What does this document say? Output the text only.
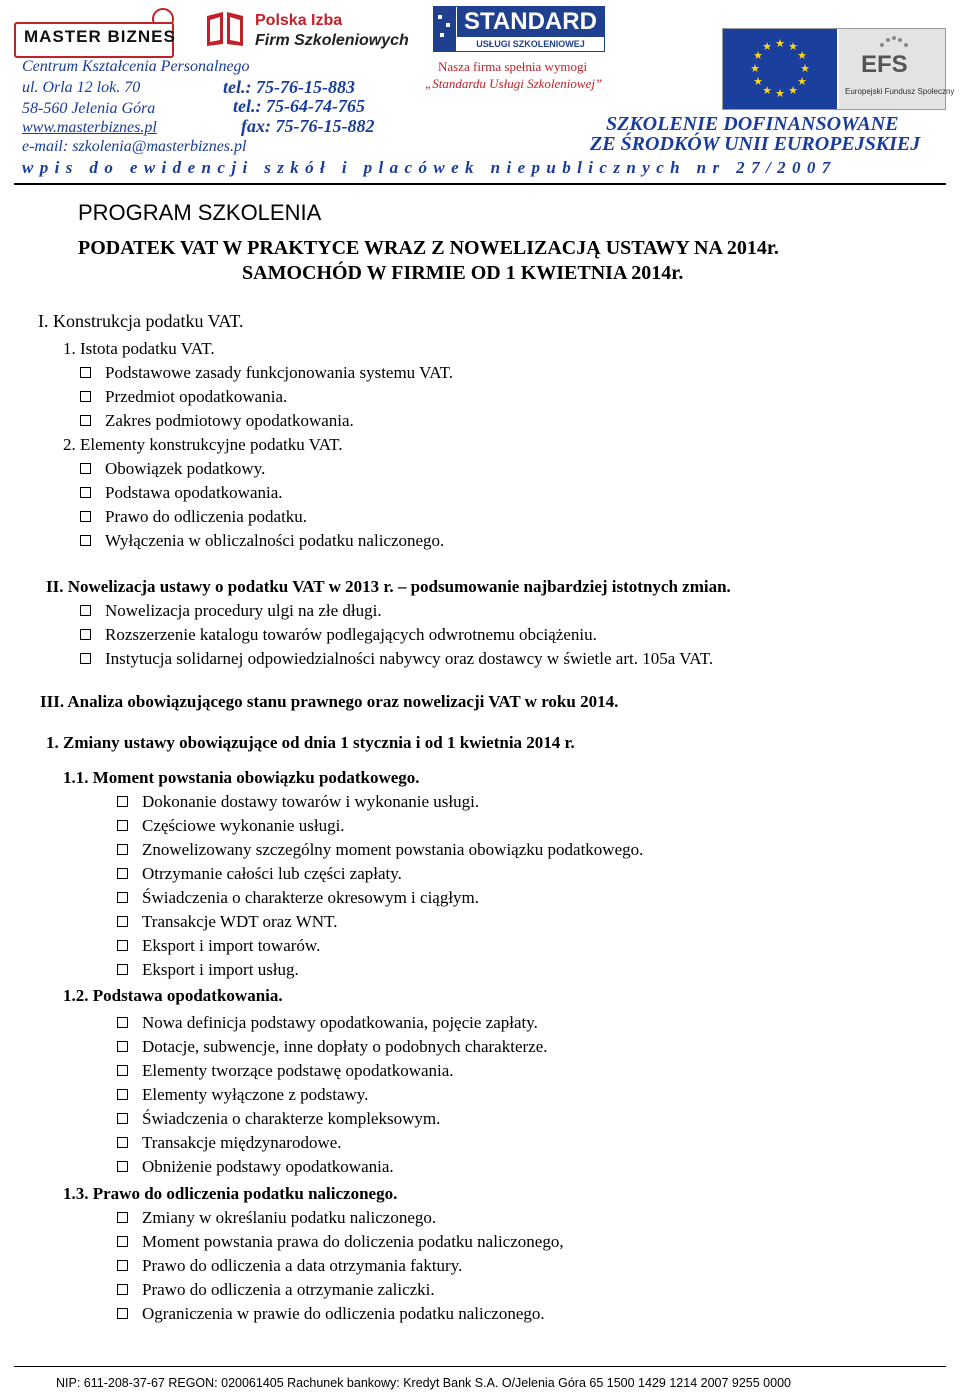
MASTER BIZNES
Polska Izba
Firm Szkoleniowych
STANDARD
USŁUGI SZKOLENIOWEJ	★ ★
★
★
★
★
★
★
★
★
★
★
EFS
Europejski Fundusz Społeczny
Centrum Kształcenia Personalnego
ul. Orla 12 lok. 70
58-560 Jelenia Góra
www.masterbiznes.pl
e-mail: szkolenia@masterbiznes.pl
tel.: 75-76-15-883
tel.: 75-64-74-765
fax: 75-76-15-882
Nasza firma spełnia wymogi
„Standardu Usługi Szkoleniowej”
SZKOLENIE DOFINANSOWANE
ZE ŚRODKÓW UNII EUROPEJSKIEJ
wpis do ewidencji szkół i placówek niepublicznych nr 27/2007
PROGRAM SZKOLENIA
PODATEK VAT W PRAKTYCE WRAZ Z NOWELIZACJĄ USTAWY NA 2014r.
SAMOCHÓD W FIRMIE OD 1 KWIETNIA 2014r.
I. Konstrukcja podatku VAT.
1. Istota podatku VAT.
Podstawowe zasady funkcjonowania systemu VAT.
Przedmiot opodatkowania.
Zakres podmiotowy opodatkowania.
2. Elementy konstrukcyjne podatku VAT.
Obowiązek podatkowy.
Podstawa opodatkowania.
Prawo do odliczenia podatku.
Wyłączenia w obliczalności podatku naliczonego.
II. Nowelizacja ustawy o podatku VAT w 2013 r. – podsumowanie najbardziej istotnych zmian.
Nowelizacja procedury ulgi na złe długi.
Rozszerzenie katalogu towarów podlegających odwrotnemu obciążeniu.
Instytucja solidarnej odpowiedzialności nabywcy oraz dostawcy w świetle art. 105a VAT.
III. Analiza obowiązującego stanu prawnego oraz nowelizacji VAT w roku 2014.
1. Zmiany ustawy obowiązujące od dnia 1 stycznia i od 1 kwietnia 2014 r.
1.1. Moment powstania obowiązku podatkowego.
Dokonanie dostawy towarów i wykonanie usługi.
Częściowe wykonanie usługi.
Znowelizowany szczególny moment powstania obowiązku podatkowego.
Otrzymanie całości lub części zapłaty.
Świadczenia o charakterze okresowym i ciągłym.
Transakcje WDT oraz WNT.
Eksport i import towarów.
Eksport i import usług.
1.2. Podstawa opodatkowania.
Nowa definicja podstawy opodatkowania, pojęcie zapłaty.
Dotacje, subwencje, inne dopłaty o podobnych charakterze.
Elementy tworzące podstawę opodatkowania.
Elementy wyłączone z podstawy.
Świadczenia o charakterze kompleksowym.
Transakcje międzynarodowe.
Obniżenie podstawy opodatkowania.
1.3. Prawo do odliczenia podatku naliczonego.
Zmiany w określaniu podatku naliczonego.
Moment powstania prawa do doliczenia podatku naliczonego,
Prawo do odliczenia a data otrzymania faktury.
Prawo do odliczenia a otrzymanie zaliczki.
Ograniczenia w prawie do odliczenia podatku naliczonego.
NIP: 611-208-37-67 REGON: 020061405 Rachunek bankowy: Kredyt Bank S.A. O/Jelenia Góra 65 1500 1429 1214 2007 9255 0000
